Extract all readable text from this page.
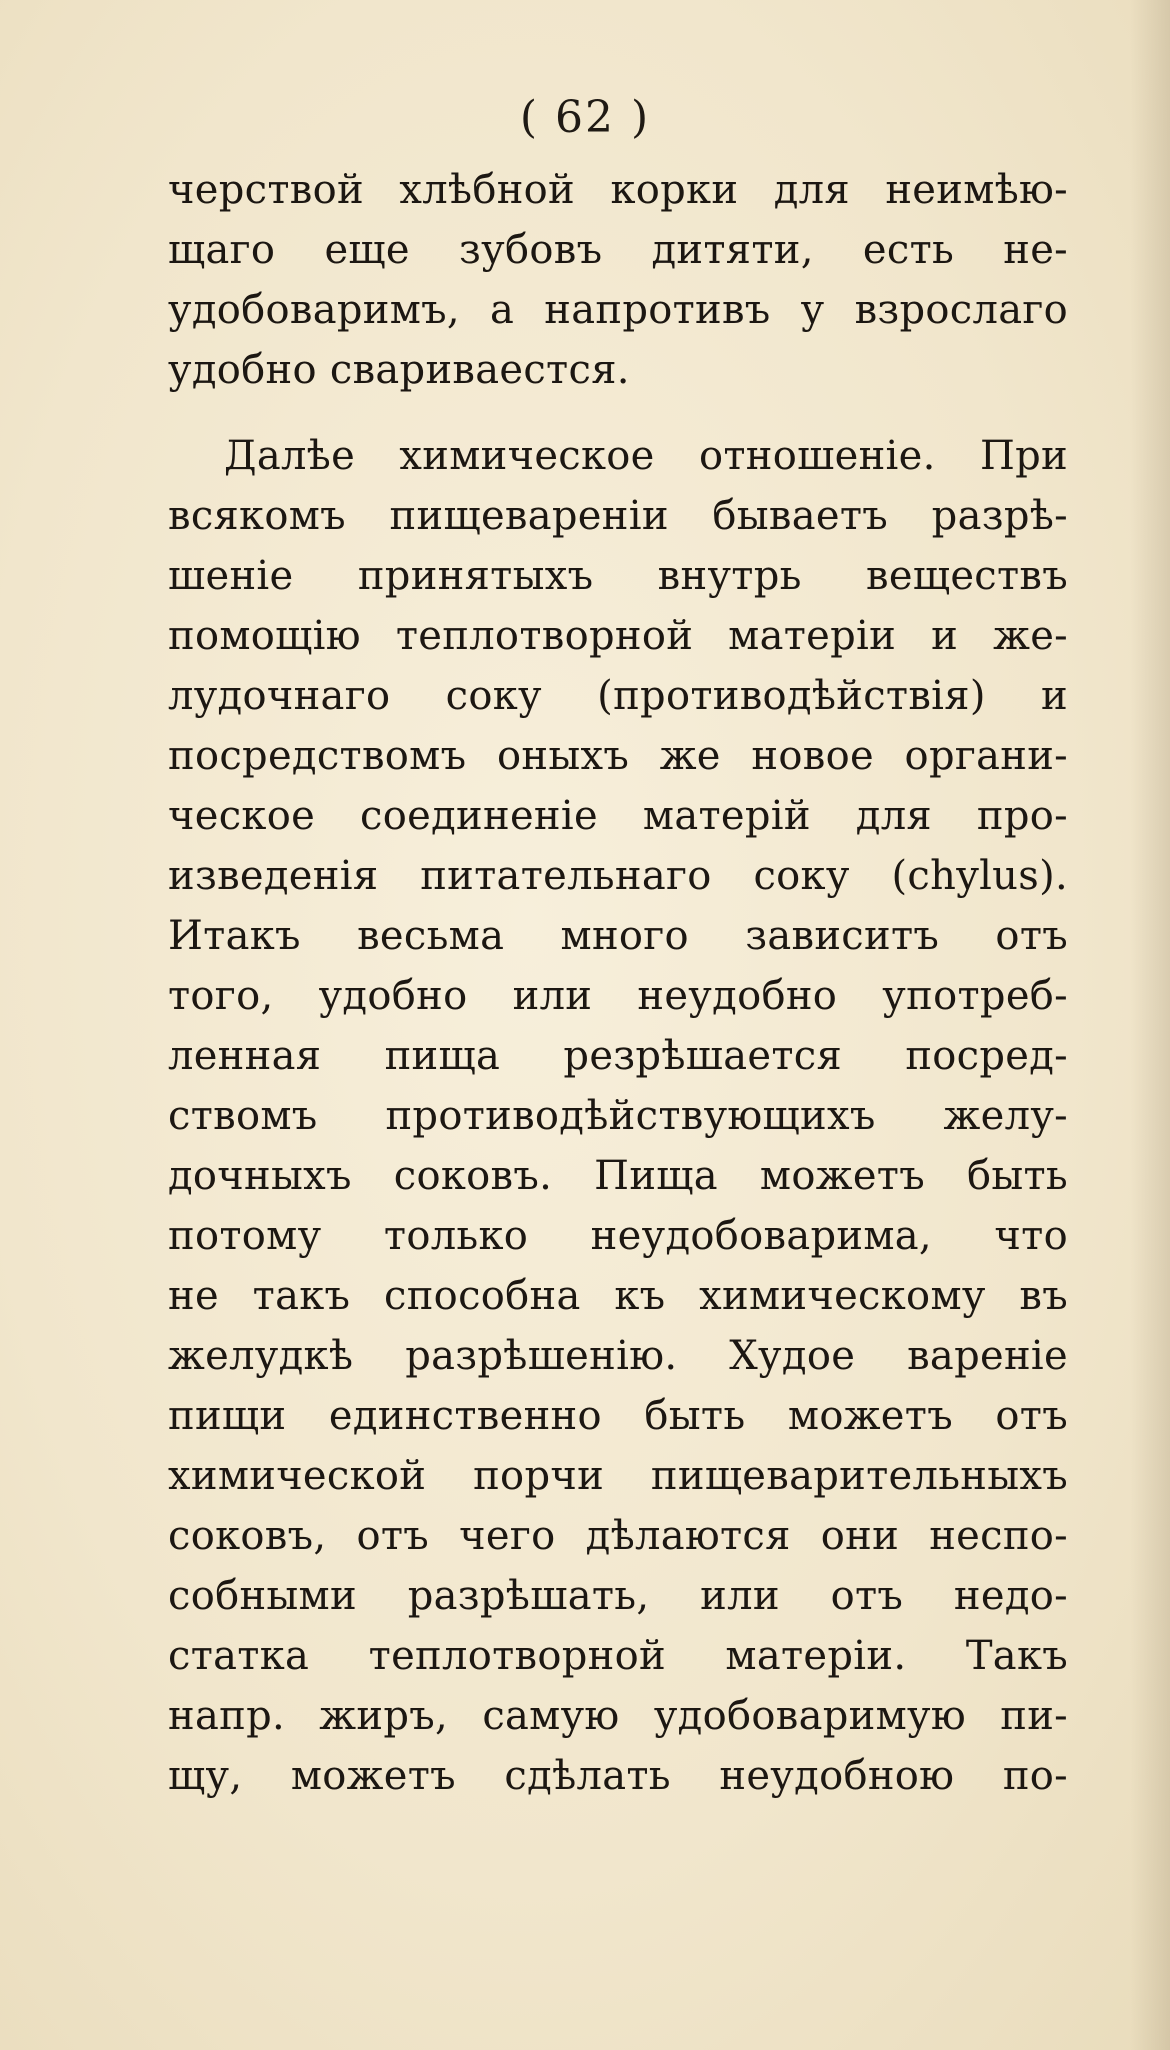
( 62 )
черствой хлѣбной корки для неимѣю-
щаго еще зубовъ дитяти, есть не-
удобоваримъ, а напротивъ у взрослаго
удобно свариваестся.
Далѣе химическое отношенiе. При
всякомъ пищеваренiи бываетъ разрѣ-
шенiе принятыхъ внутрь веществъ
помощiю теплотворной матерiи и же-
лудочнаго соку (противодѣйствiя) и
посредствомъ оныхъ же новое органи-
ческое соединенiе матерiй для про-
изведенiя питательнаго соку (chylus).
Итакъ весьма много зависитъ отъ
того, удобно или неудобно употреб-
ленная пища резрѣшается посред-
ствомъ противодѣйствующихъ желу-
дочныхъ соковъ. Пища можетъ быть
потому только неудобоварима, что
не такъ способна къ химическому въ
желудкѣ разрѣшенiю. Худое варенiе
пищи единственно быть можетъ отъ
химической порчи пищеварительныхъ
соковъ, отъ чего дѣлаются они неспо-
собными разрѣшать, или отъ недо-
статка теплотворной матерiи. Такъ
напр. жиръ, самую удобоваримую пи-
щу, можетъ сдѣлать неудобною по-
